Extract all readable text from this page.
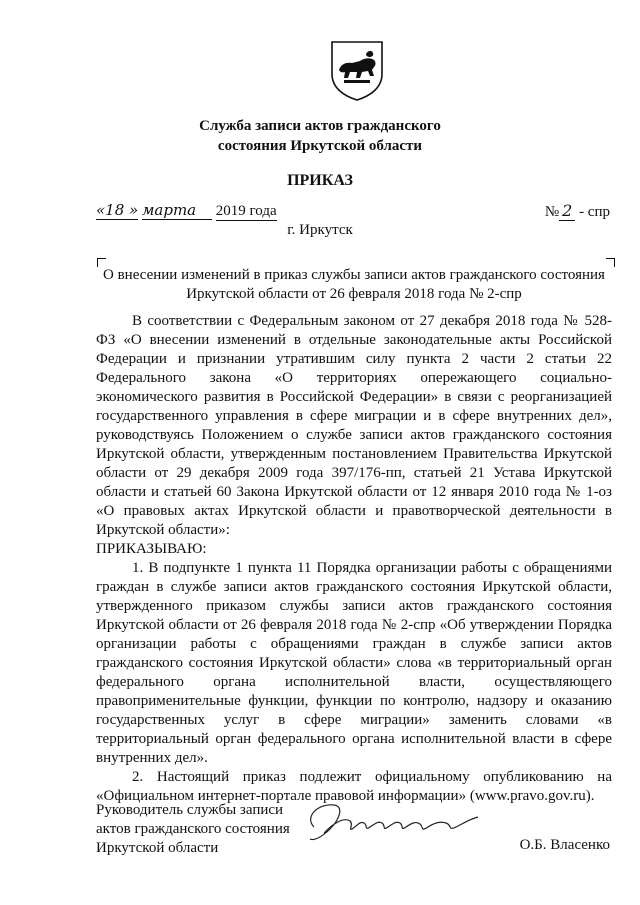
Служба записи актов гражданского
состояния Иркутской области
ПРИКАЗ
«18 » марта 2019 года	№ 2 - спр
г. Иркутск
О внесении изменений в приказ службы записи актов гражданского состояния
Иркутской области от 26 февраля 2018 года № 2-спр

В соответствии с Федеральным законом от 27 декабря 2018 года № 528-ФЗ «О внесении изменений в отдельные законодательные акты Российской Федерации и признании утратившим силу пункта 2 части 2 статьи 22 Федерального закона «О территориях опережающего социально-экономического развития в Российской Федерации» в связи с реорганизацией государственного управления в сфере миграции и в сфере внутренних дел», руководствуясь Положением о службе записи актов гражданского состояния Иркутской области, утвержденным постановлением Правительства Иркутской области от 29 декабря 2009 года 397/176-пп, статьей 21 Устава Иркутской области и статьей 60 Закона Иркутской области от 12 января 2010 года № 1-оз «О правовых актах Иркутской области и правотворческой деятельности в Иркутской области»:

ПРИКАЗЫВАЮ:

1. В подпункте 1 пункта 11 Порядка организации работы с обращениями граждан в службе записи актов гражданского состояния Иркутской области, утвержденного приказом службы записи актов гражданского состояния Иркутской области от 26 февраля 2018 года № 2-спр «Об утверждении Порядка организации работы с обращениями граждан в службе записи актов гражданского состояния Иркутской области» слова «в территориальный орган федерального органа исполнительной власти, осуществляющего правоприменительные функции, функции по контролю, надзору и оказанию государственных услуг в сфере миграции» заменить словами «в территориальный орган федерального органа исполнительной власти в сфере внутренних дел».

2. Настоящий приказ подлежит официальному опубликованию на «Официальном интернет-портале правовой информации» (www.pravo.gov.ru).

Руководитель службы записи
актов гражданского состояния
Иркутской области	О.Б. Власенко
